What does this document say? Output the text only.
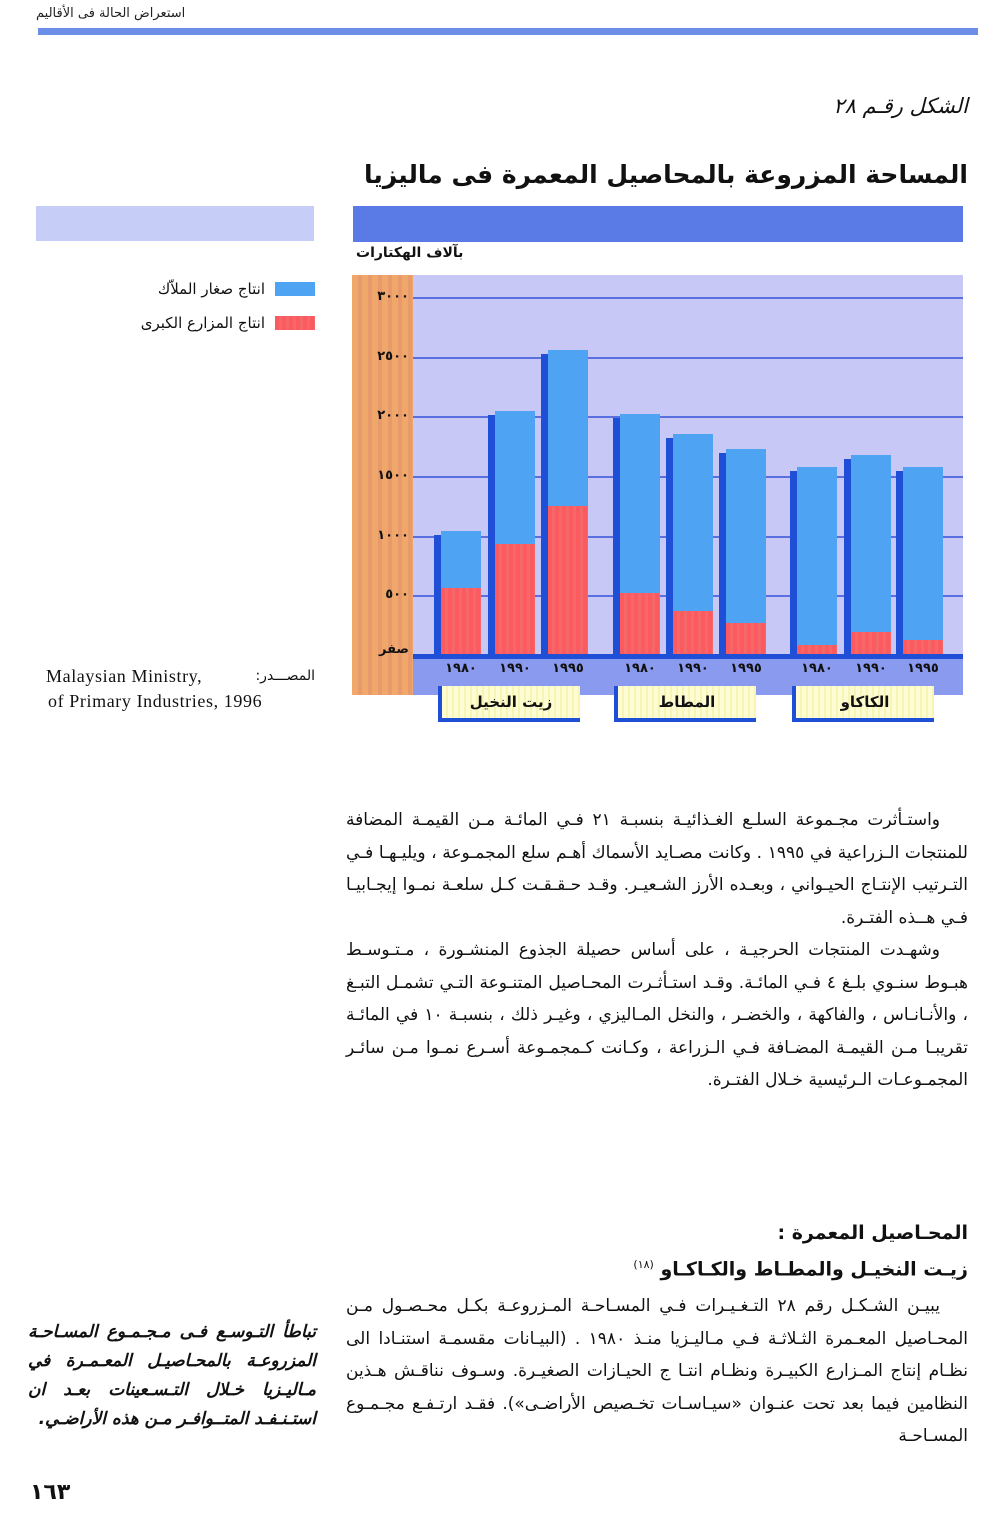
استعراض الحالة فى الأقاليم
الشكل رقـم ٢٨
المساحة المزروعة بالمحاصيل المعمرة فى ماليزيا
انتاج صغار الملاّك
انتاج المزارع الكبرى
المصـــدر:
Malaysian Ministry,
of Primary Industries, 1996
بآلاف الهكتارات
٣٠٠٠
٢٥٠٠
٢٠٠٠
١٥٠٠
١٠٠٠
٥٠٠
صفر
١٩٨٠	١٩٩٠	١٩٩٥	١٩٨٠	١٩٩٠	١٩٩٥	١٩٨٠	١٩٩٠	١٩٩٥
زيت النخيل	المطاط	الكاكاو

واستـأثرت مجـموعة السلـع الغـذائيـة بنسبـة ٢١ فـي المائـة مـن القيمـة المضافة للمنتجات الـزراعية في ١٩٩٥ . وكانت مصـايد الأسماك أهـم سلع المجمـوعة ، ويليـهـا فـي التـرتيب الإنتـاج الحيـواني ، وبعـده الأرز الشـعيـر. وقـد حـقـقـت كـل سلعـة نمـوا إيجـابيـا فـي هــذه الفتـرة.

وشهـدت المنتجات الحرجيـة ، على أساس حصيلة الجذوع المنشـورة ، مـتـوسـط هبـوط سنـوي بلـغ ٤ فـي المائـة. وقـد استـأثـرت المحـاصيل المتنـوعة التـي تشمـل التبـغ ، والأنـانـاس ، والفاكهة ، والخضـر ، والنخل المـاليزي ، وغيـر ذلك ، بنسبـة ١٠ في المائـة تقريبـا مـن القيمـة المضـافة فـي الـزراعة ، وكـانت كـمجمـوعة أسـرع نمـوا مـن سائـر المجمـوعـات الـرئيسية خـلال الفتـرة.

المحـاصيل المعمرة :
زيـت النخيـل والمطـاط والكـاكـاو $^{(١٨)}$

يبيـن الشـكـل رقم ٢٨ التـغـيـرات فـي المسـاحـة المـزروعـة بكـل محـصـول مـن المحـاصيل المعـمرة الثـلاثـة فـي مـاليـزيا منـذ ١٩٨٠ . (البيـانات مقسمـة استنـادا الى نظـام إنتاج المـزارع الكبيـرة ونظـام انتـا ج الحيـازات الصغيـرة. وسـوف نناقـش هـذين النظامين فيما بعد تحت عنـوان «سيـاسـات تخـصيص الأراضـى»). فقـد ارتـفـع مجـمـوع المسـاحـة

تباطأ التـوسـع فـى مـجـمـوع المسـاحـة المزروعـة بالمحـاصيـل المعـمـرة في مـاليـزيا خـلال التـسـعينات بعـد ان استـنـفـد المتــوافـر مـن هذه الأراضـي.
١٦٣
